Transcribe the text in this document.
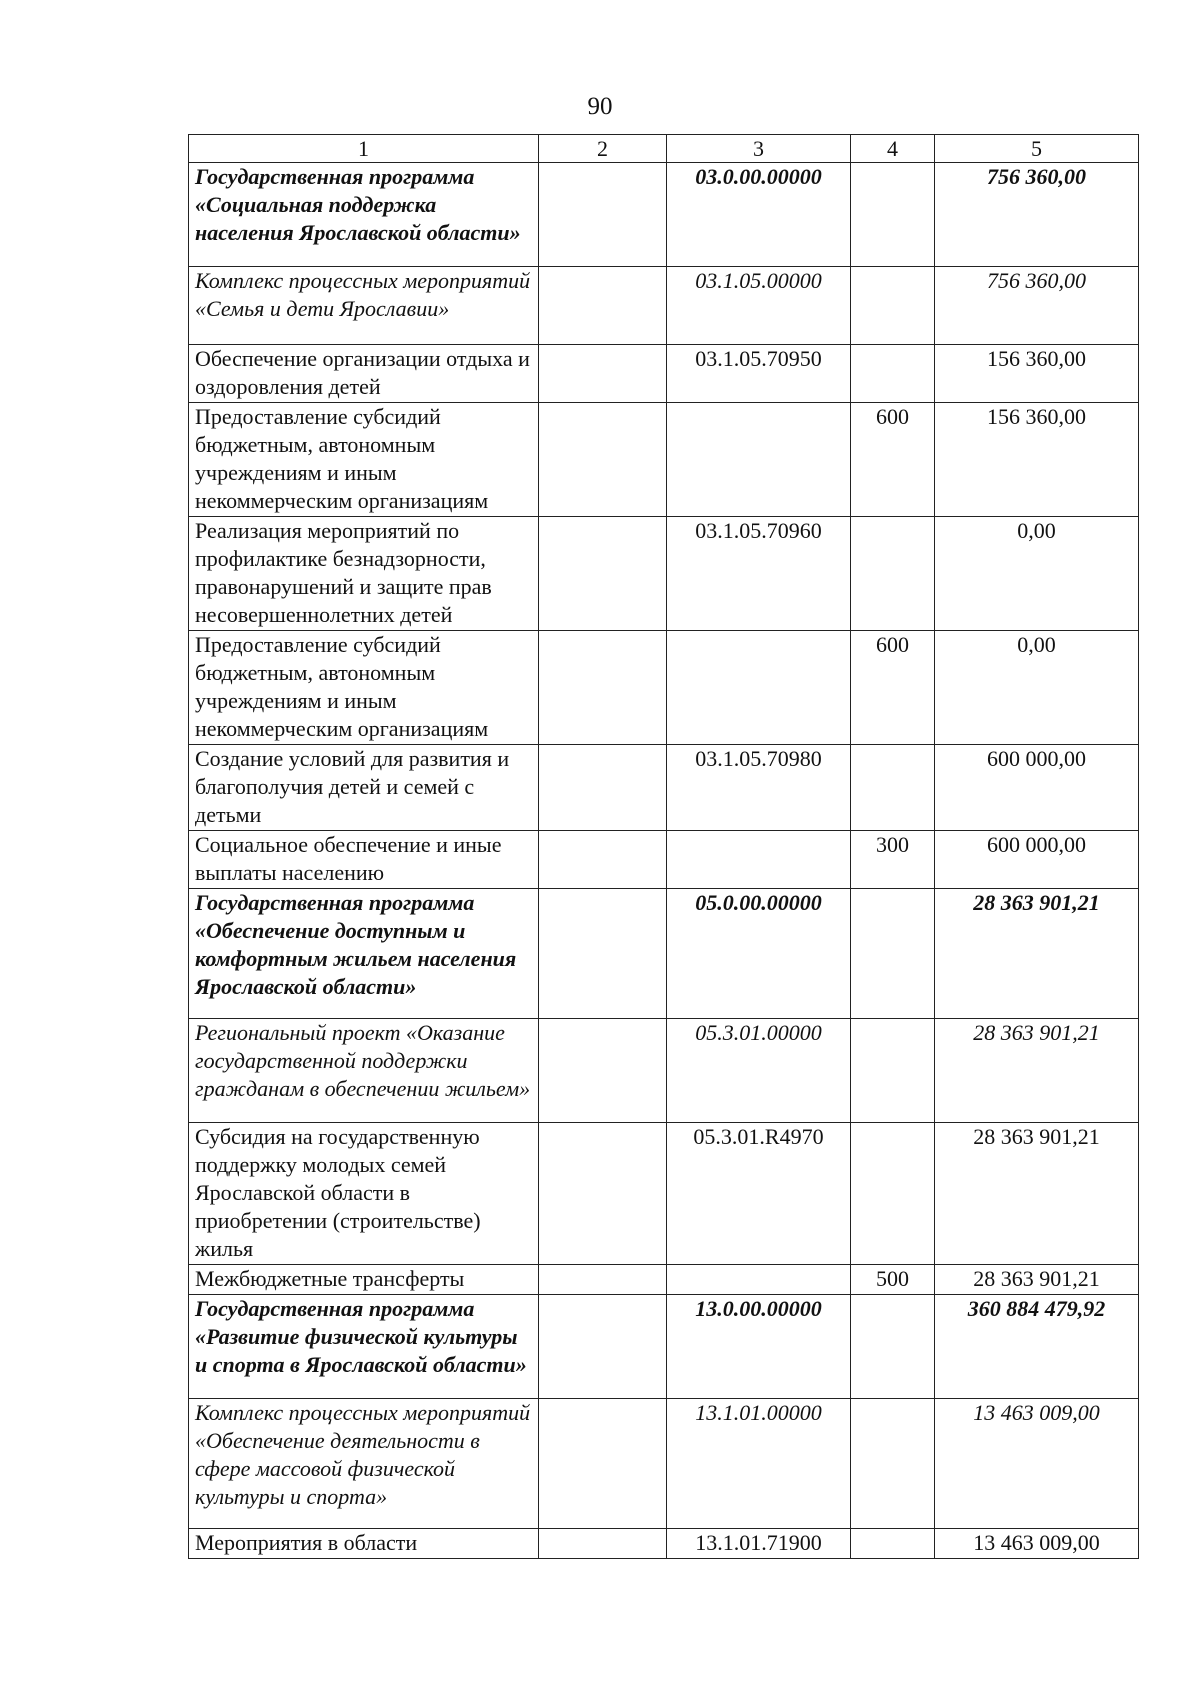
90
1	2	3	4	5
Государственная программа «Социальная поддержка населения Ярославской области»		03.0.00.00000		756 360,00
Комплекс процессных мероприятий «Семья и дети Ярославии»		03.1.05.00000		756 360,00
Обеспечение организации отдыха и оздоровления детей		03.1.05.70950		156 360,00
Предоставление субсидий бюджетным, автономным учреждениям и иным некоммерческим организациям			600	156 360,00
Реализация мероприятий по профилактике безнадзорности, правонарушений и защите прав несовершеннолетних детей		03.1.05.70960		0,00
Предоставление субсидий бюджетным, автономным учреждениям и иным некоммерческим организациям			600	0,00
Создание условий для развития и благополучия детей и семей с детьми		03.1.05.70980		600 000,00
Социальное обеспечение и иные выплаты населению			300	600 000,00
Государственная программа «Обеспечение доступным и комфортным жильем населения Ярославской области»		05.0.00.00000		28 363 901,21
Региональный проект «Оказание государственной поддержки гражданам в обеспечении жильем»		05.3.01.00000		28 363 901,21
Субсидия на государственную поддержку молодых семей Ярославской области в приобретении (строительстве) жилья		05.3.01.R4970		28 363 901,21
Межбюджетные трансферты			500	28 363 901,21
Государственная программа «Развитие физической культуры и спорта в Ярославской области»		13.0.00.00000		360 884 479,92
Комплекс процессных мероприятий «Обеспечение деятельности в сфере массовой физической культуры и спорта»		13.1.01.00000		13 463 009,00
Мероприятия в области		13.1.01.71900		13 463 009,00
